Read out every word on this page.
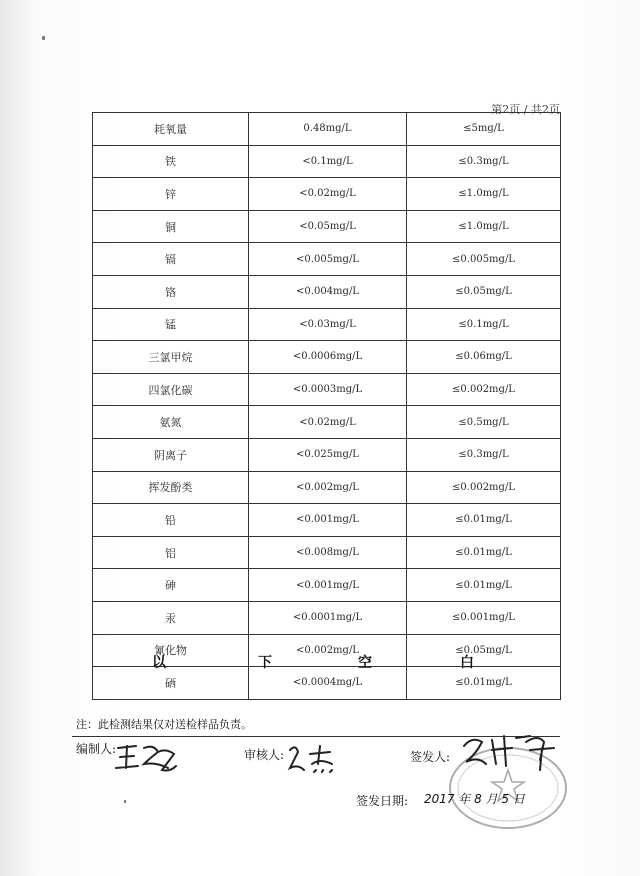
第2页 / 共2页
耗氧量	0.48mg/L	≤5mg/L
铁	<0.1mg/L	≤0.3mg/L
锌	<0.02mg/L	≤1.0mg/L
铜	<0.05mg/L	≤1.0mg/L
镉	<0.005mg/L	≤0.005mg/L
铬	<0.004mg/L	≤0.05mg/L
锰	<0.03mg/L	≤0.1mg/L
三氯甲烷	<0.0006mg/L	≤0.06mg/L
四氯化碳	<0.0003mg/L	≤0.002mg/L
氨氮	<0.02mg/L	≤0.5mg/L
阴离子	<0.025mg/L	≤0.3mg/L
挥发酚类	<0.002mg/L	≤0.002mg/L
铅	<0.001mg/L	≤0.01mg/L
铝	<0.008mg/L	≤0.01mg/L
砷	<0.001mg/L	≤0.01mg/L
汞	<0.0001mg/L	≤0.001mg/L
氰化物	<0.002mg/L	≤0.05mg/L
硒	<0.0004mg/L	≤0.01mg/L
以	下	空	白
注：此检测结果仅对送检样品负责。
编制人:	审核人:	签发人:
签发日期: 2017 年 8 月 5 日
